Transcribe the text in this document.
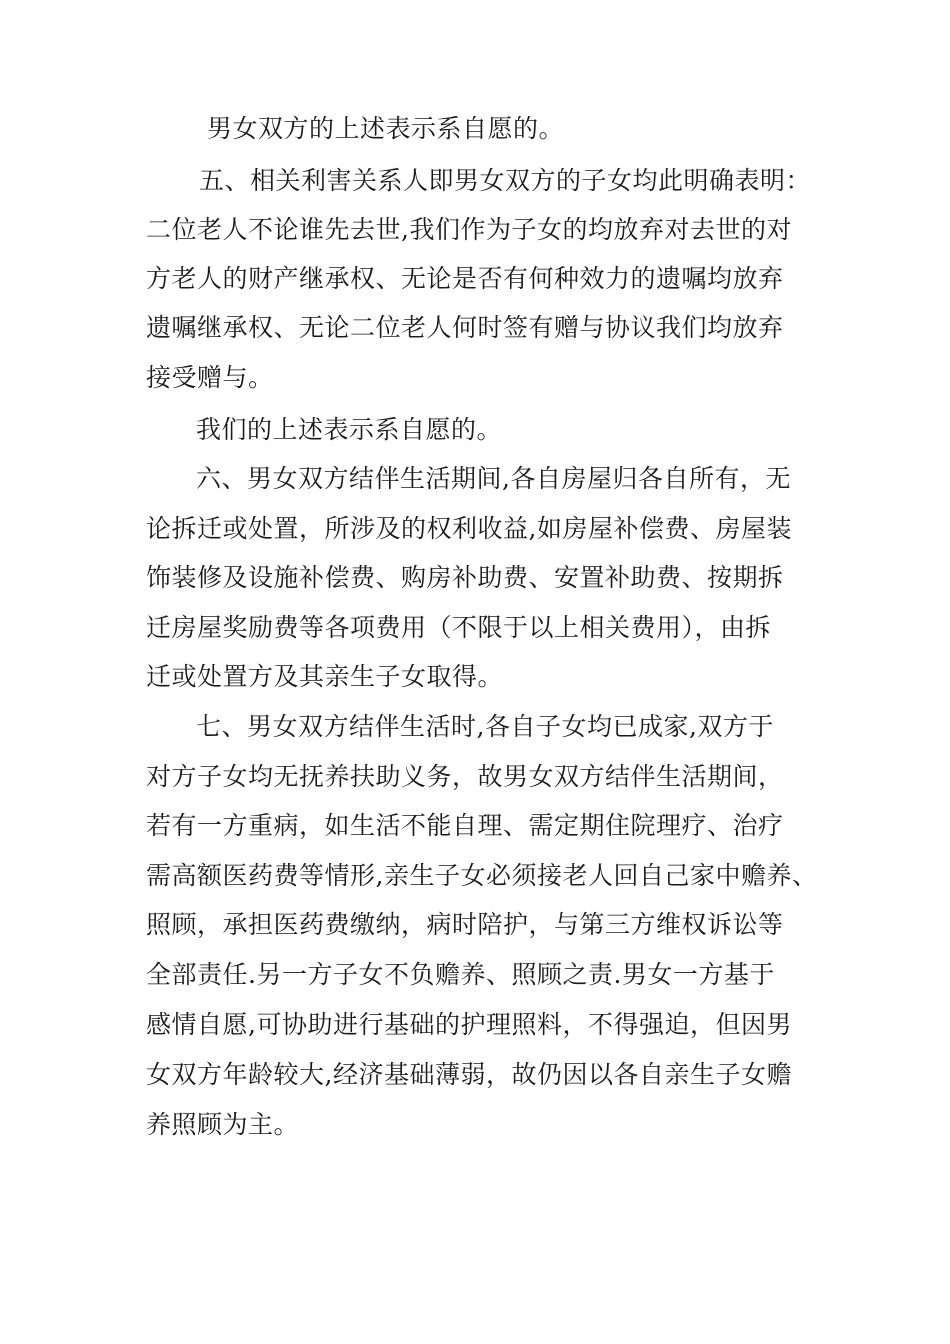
男女双方的上述表示系自愿的。
五、相关利害关系人即男女双方的子女均此明确表明：
二位老人不论谁先去世,我们作为子女的均放弃对去世的对
方老人的财产继承权、无论是否有何种效力的遗嘱均放弃
遗嘱继承权、无论二位老人何时签有赠与协议我们均放弃
接受赠与。
我们的上述表示系自愿的。
六、男女双方结伴生活期间,各自房屋归各自所有，无
论拆迁或处置，所涉及的权利收益,如房屋补偿费、房屋装
饰装修及设施补偿费、购房补助费、安置补助费、按期拆
迁房屋奖励费等各项费用（不限于以上相关费用），由拆
迁或处置方及其亲生子女取得。
七、男女双方结伴生活时,各自子女均已成家,双方于
对方子女均无抚养扶助义务，故男女双方结伴生活期间，
若有一方重病，如生活不能自理、需定期住院理疗、治疗
需高额医药费等情形,亲生子女必须接老人回自己家中赡养、
照顾，承担医药费缴纳，病时陪护，与第三方维权诉讼等
全部责任.另一方子女不负赡养、照顾之责.男女一方基于
感情自愿,可协助进行基础的护理照料，不得强迫，但因男
女双方年龄较大,经济基础薄弱，故仍因以各自亲生子女赡
养照顾为主。
